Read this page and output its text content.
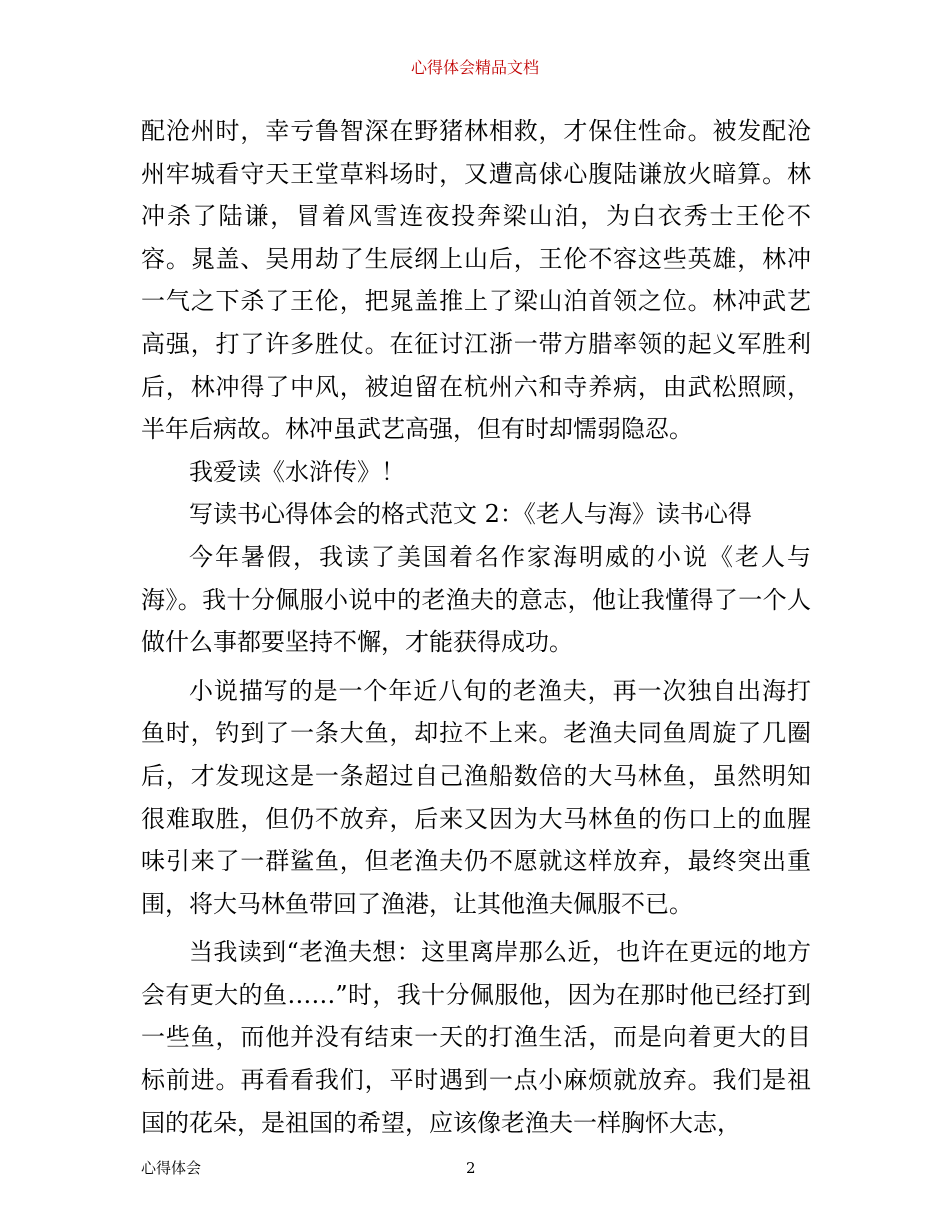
心得体会精品文档

配沧州时，幸亏鲁智深在野猪林相救，才保住性命。被发配沧州牢城看守天王堂草料场时，又遭高俅心腹陆谦放火暗算。林冲杀了陆谦，冒着风雪连夜投奔梁山泊，为白衣秀士王伦不容。晁盖、吴用劫了生辰纲上山后，王伦不容这些英雄，林冲一气之下杀了王伦，把晁盖推上了梁山泊首领之位。林冲武艺高强，打了许多胜仗。在征讨江浙一带方腊率领的起义军胜利后，林冲得了中风，被迫留在杭州六和寺养病，由武松照顾，半年后病故。林冲虽武艺高强，但有时却懦弱隐忍。

我爱读《水浒传》！

写读书心得体会的格式范文 2：《老人与海》读书心得

今年暑假，我读了美国着名作家海明威的小说《老人与海》。我十分佩服小说中的老渔夫的意志，他让我懂得了一个人做什么事都要坚持不懈，才能获得成功。

小说描写的是一个年近八旬的老渔夫，再一次独自出海打鱼时，钓到了一条大鱼，却拉不上来。老渔夫同鱼周旋了几圈后，才发现这是一条超过自己渔船数倍的大马林鱼，虽然明知很难取胜，但仍不放弃，后来又因为大马林鱼的伤口上的血腥味引来了一群鲨鱼，但老渔夫仍不愿就这样放弃，最终突出重围，将大马林鱼带回了渔港，让其他渔夫佩服不已。

当我读到“老渔夫想：这里离岸那么近，也许在更远的地方会有更大的鱼……”时，我十分佩服他，因为在那时他已经打到一些鱼，而他并没有结束一天的打渔生活，而是向着更大的目标前进。再看看我们，平时遇到一点小麻烦就放弃。我们是祖国的花朵，是祖国的希望，应该像老渔夫一样胸怀大志，

心得体会	2
